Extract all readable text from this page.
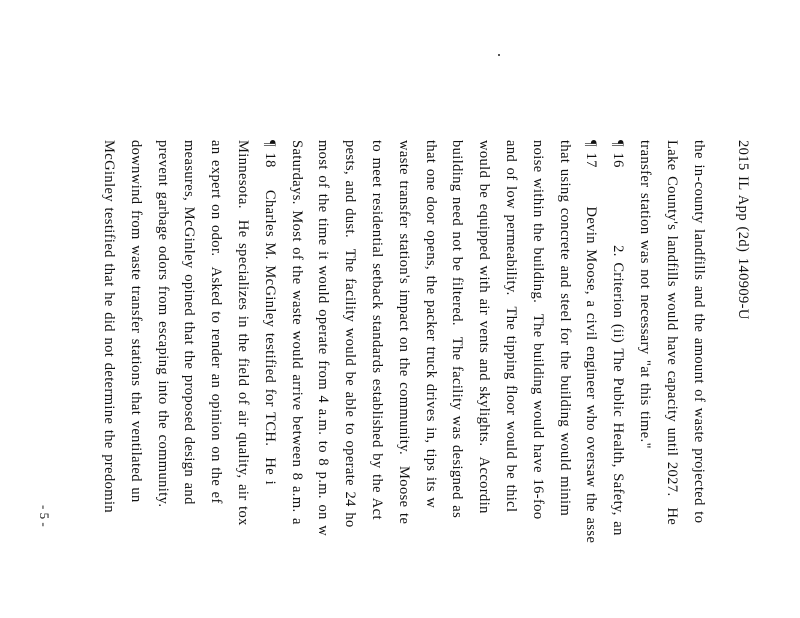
2015 IL App (2d) 140909-U
the in-county landfills and the amount of waste projected to
Lake County's landfills would have capacity until 2027.  He
transfer station was not necessary "at this time."
¶ 16              2. Criterion (ii) The Public Health, Safety, an
¶ 17       Devin Moose, a civil engineer who oversaw the asse
that using concrete and steel for the building would minim
noise within the building.  The building would have 16-foo
and of low permeability.  The tipping floor would be thicl
would be equipped with air vents and skylights.  Accordin
building need not be filtered.  The facility was designed as
that one door opens, the packer truck drives in, tips its w
waste transfer station's impact on the community.  Moose te
to meet residential setback standards established by the Act
pests, and dust.  The facility would be able to operate 24 ho
most of the time it would operate from 4 a.m. to 8 p.m. on w
Saturdays. Most of the waste would arrive between 8 a.m. a
¶ 18    Charles M. McGinley testified for TCH.  He i
Minnesota.  He specializes in the field of air quality, air tox
an expert on odor.  Asked to render an opinion on the ef
measures, McGinley opined that the proposed design and
prevent garbage odors from escaping into the community.
downwind from waste transfer stations that ventilated un
McGinley testified that he did not determine the predomin
- 5 -
